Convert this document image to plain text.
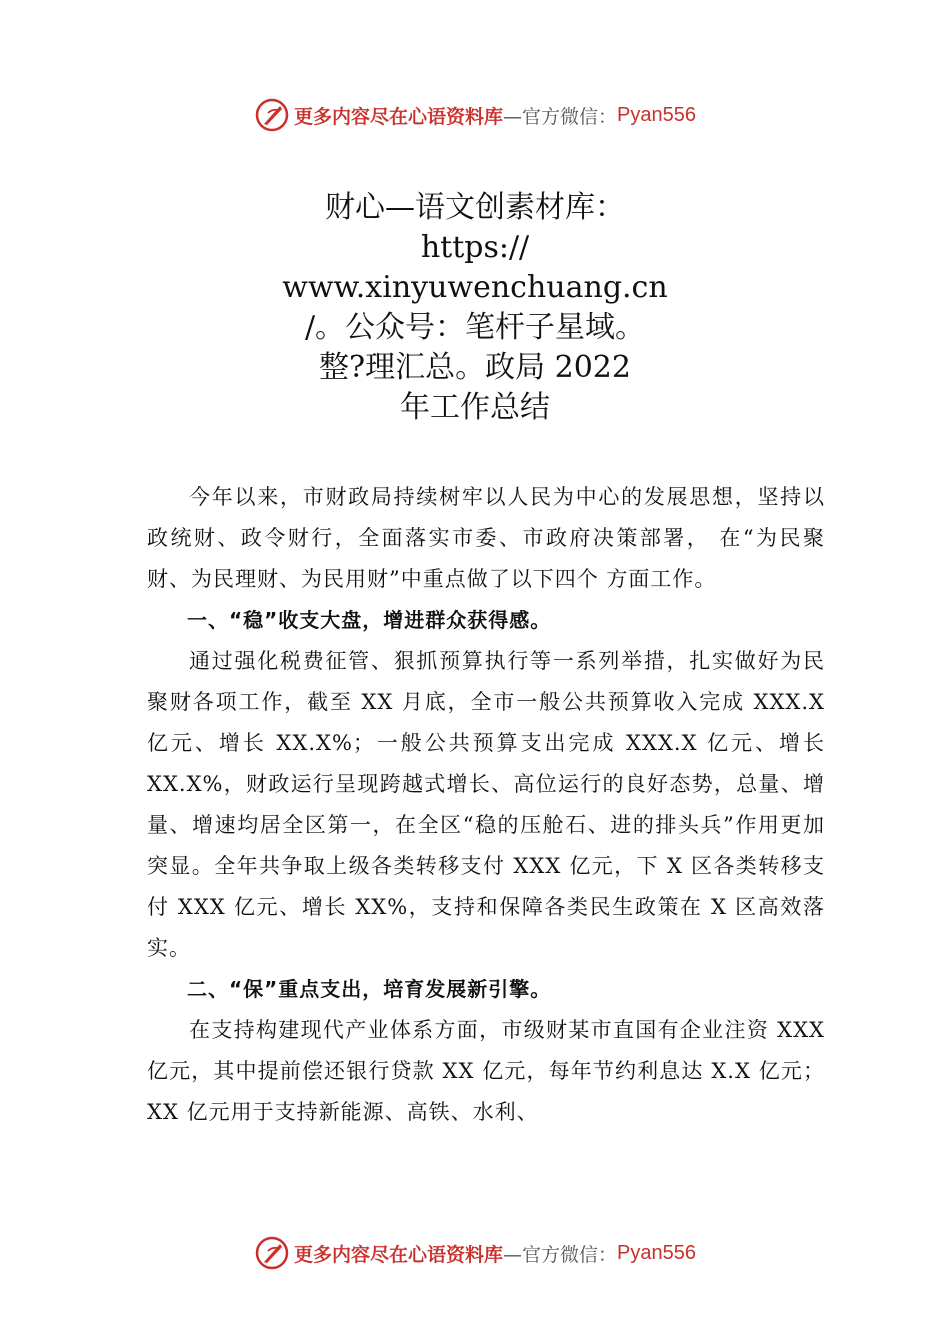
更多内容尽在心语资料库 —官方微信： Pyan556
财心—语文创素材库：
https://
www.xinyuwenchuang.cn
/。公众号：笔杆子星域。
整?理汇总。政局 2022
年工作总结

今年以来，市财政局持续树牢以人民为中心的发展思想，坚持以政统财、政令财行，全面落实市委、市政府决策部署， 在“为民聚财、为民理财、为民用财”中重点做了以下四个 方面工作。

一、“稳”收支大盘，增进群众获得感。

通过强化税费征管、狠抓预算执行等一系列举措，扎实做好为民聚财各项工作，截至 XX 月底，全市一般公共预算收入完成 XXX.X 亿元、增长 XX.X%；一般公共预算支出完成 XXX.X 亿元、增长 XX.X%，财政运行呈现跨越式增长、高位运行的良好态势，总量、增量、增速均居全区第一，在全区“稳的压舱石、进的排头兵”作用更加突显。全年共争取上级各类转移支付 XXX 亿元，下 X 区各类转移支付 XXX 亿元、增长 XX%，支持和保障各类民生政策在 X 区高效落实。

二、“保”重点支出，培育发展新引擎。

在支持构建现代产业体系方面，市级财某市直国有企业注资 XXX 亿元，其中提前偿还银行贷款 XX 亿元，每年节约利息达 X.X 亿元；XX 亿元用于支持新能源、高铁、水利、

更多内容尽在心语资料库 —官方微信： Pyan556
